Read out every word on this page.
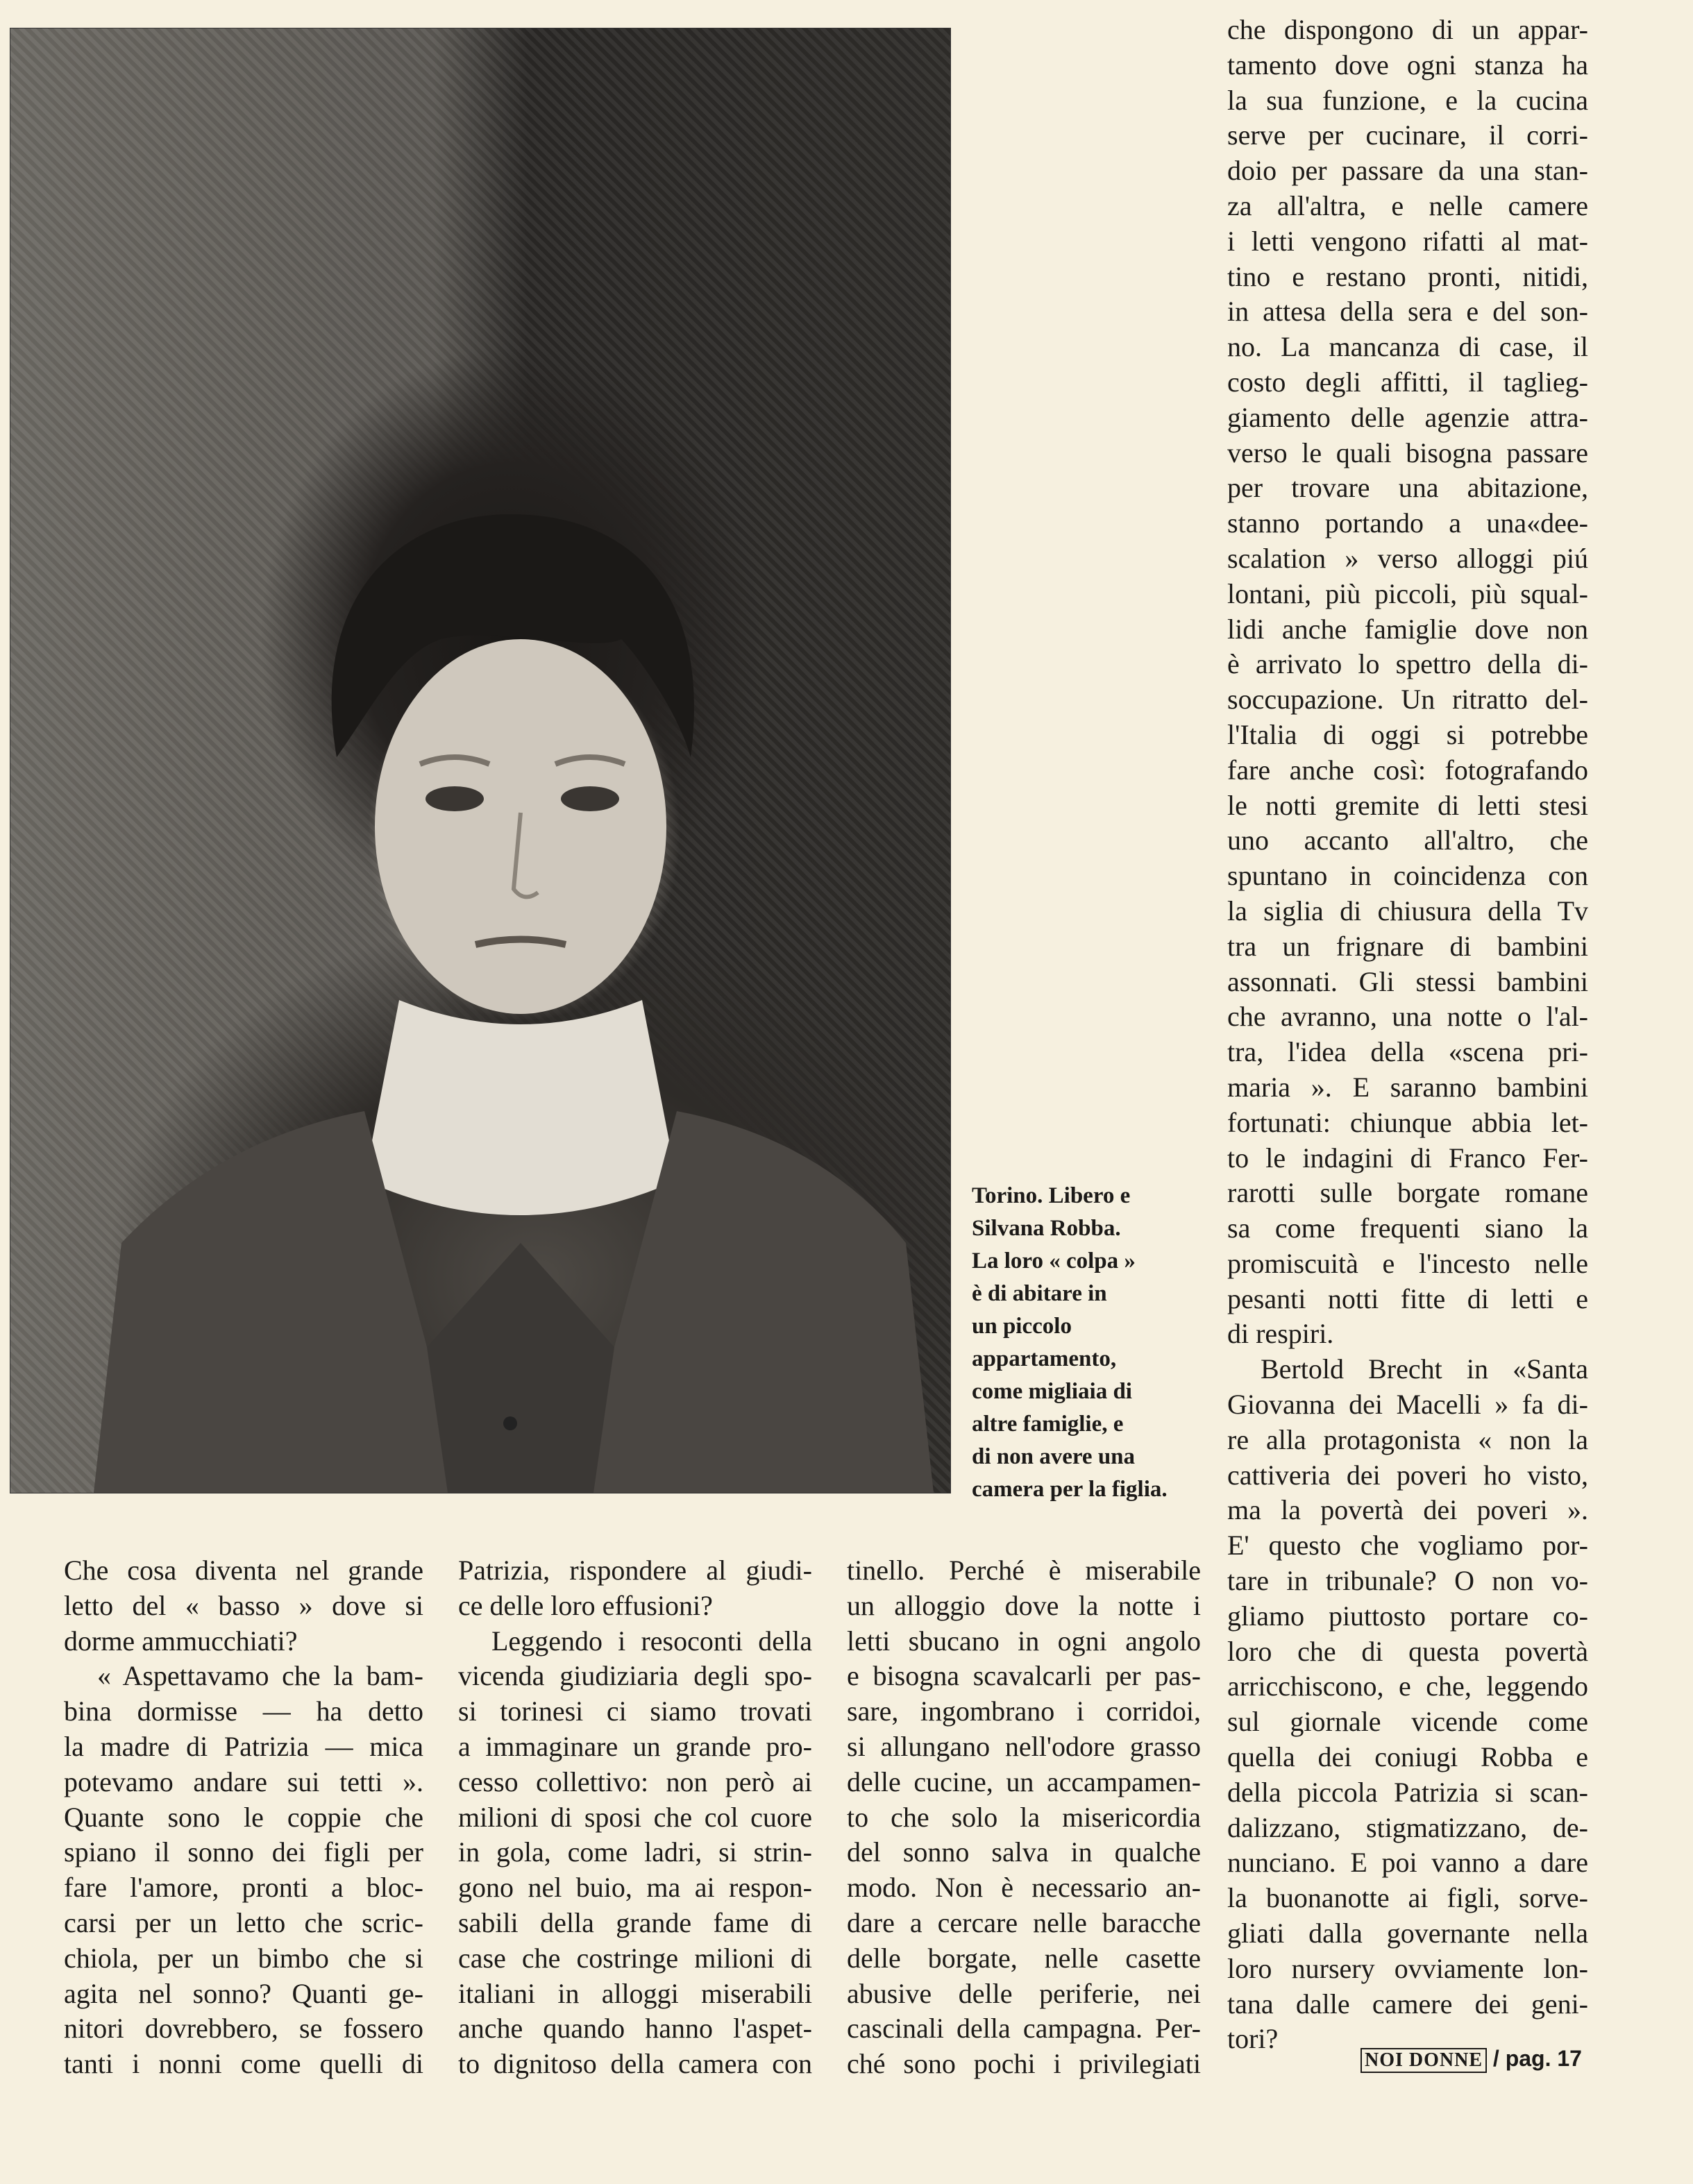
Torino. Libero e
Silvana Robba.
La loro « colpa »
è di abitare in
un piccolo
appartamento,
come migliaia di
altre famiglie, e
di non avere una
camera per la figlia.
Che cosa diventa nel grande
letto del « basso » dove si
dorme ammucchiati?
« Aspettavamo che la bam-
bina dormisse — ha detto
la madre di Patrizia — mica
potevamo andare sui tetti ».
Quante sono le coppie che
spiano il sonno dei figli per
fare l'amore, pronti a bloc-
carsi per un letto che scric-
chiola, per un bimbo che si
agita nel sonno? Quanti ge-
nitori dovrebbero, se fossero
tanti i nonni come quelli di
Patrizia, rispondere al giudi-
ce delle loro effusioni?
Leggendo i resoconti della
vicenda giudiziaria degli spo-
si torinesi ci siamo trovati
a immaginare un grande pro-
cesso collettivo: non però ai
milioni di sposi che col cuore
in gola, come ladri, si strin-
gono nel buio, ma ai respon-
sabili della grande fame di
case che costringe milioni di
italiani in alloggi miserabili
anche quando hanno l'aspet-
to dignitoso della camera con
tinello. Perché è miserabile
un alloggio dove la notte i
letti sbucano in ogni angolo
e bisogna scavalcarli per pas-
sare, ingombrano i corridoi,
si allungano nell'odore grasso
delle cucine, un accampamen-
to che solo la misericordia
del sonno salva in qualche
modo. Non è necessario an-
dare a cercare nelle baracche
delle borgate, nelle casette
abusive delle periferie, nei
cascinali della campagna. Per-
ché sono pochi i privilegiati
che dispongono di un appar-
tamento dove ogni stanza ha
la sua funzione, e la cucina
serve per cucinare, il corri-
doio per passare da una stan-
za all'altra, e nelle camere
i letti vengono rifatti al mat-
tino e restano pronti, nitidi,
in attesa della sera e del son-
no. La mancanza di case, il
costo degli affitti, il taglieg-
giamento delle agenzie attra-
verso le quali bisogna passare
per trovare una abitazione,
stanno portando a una«dee-
scalation » verso alloggi piú
lontani, più piccoli, più squal-
lidi anche famiglie dove non
è arrivato lo spettro della di-
soccupazione. Un ritratto del-
l'Italia di oggi si potrebbe
fare anche così: fotografando
le notti gremite di letti stesi
uno accanto all'altro, che
spuntano in coincidenza con
la siglia di chiusura della Tv
tra un frignare di bambini
assonnati. Gli stessi bambini
che avranno, una notte o l'al-
tra, l'idea della «scena pri-
maria ». E saranno bambini
fortunati: chiunque abbia let-
to le indagini di Franco Fer-
rarotti sulle borgate romane
sa come frequenti siano la
promiscuità e l'incesto nelle
pesanti notti fitte di letti e
di respiri.
Bertold Brecht in «Santa
Giovanna dei Macelli » fa di-
re alla protagonista « non la
cattiveria dei poveri ho visto,
ma la povertà dei poveri ».
E' questo che vogliamo por-
tare in tribunale? O non vo-
gliamo piuttosto portare co-
loro che di questa povertà
arricchiscono, e che, leggendo
sul giornale vicende come
quella dei coniugi Robba e
della piccola Patrizia si scan-
dalizzano, stigmatizzano, de-
nunciano. E poi vanno a dare
la buonanotte ai figli, sorve-
gliati dalla governante nella
loro nursery ovviamente lon-
tana dalle camere dei geni-
tori?
NOI DONNE / pag. 17
